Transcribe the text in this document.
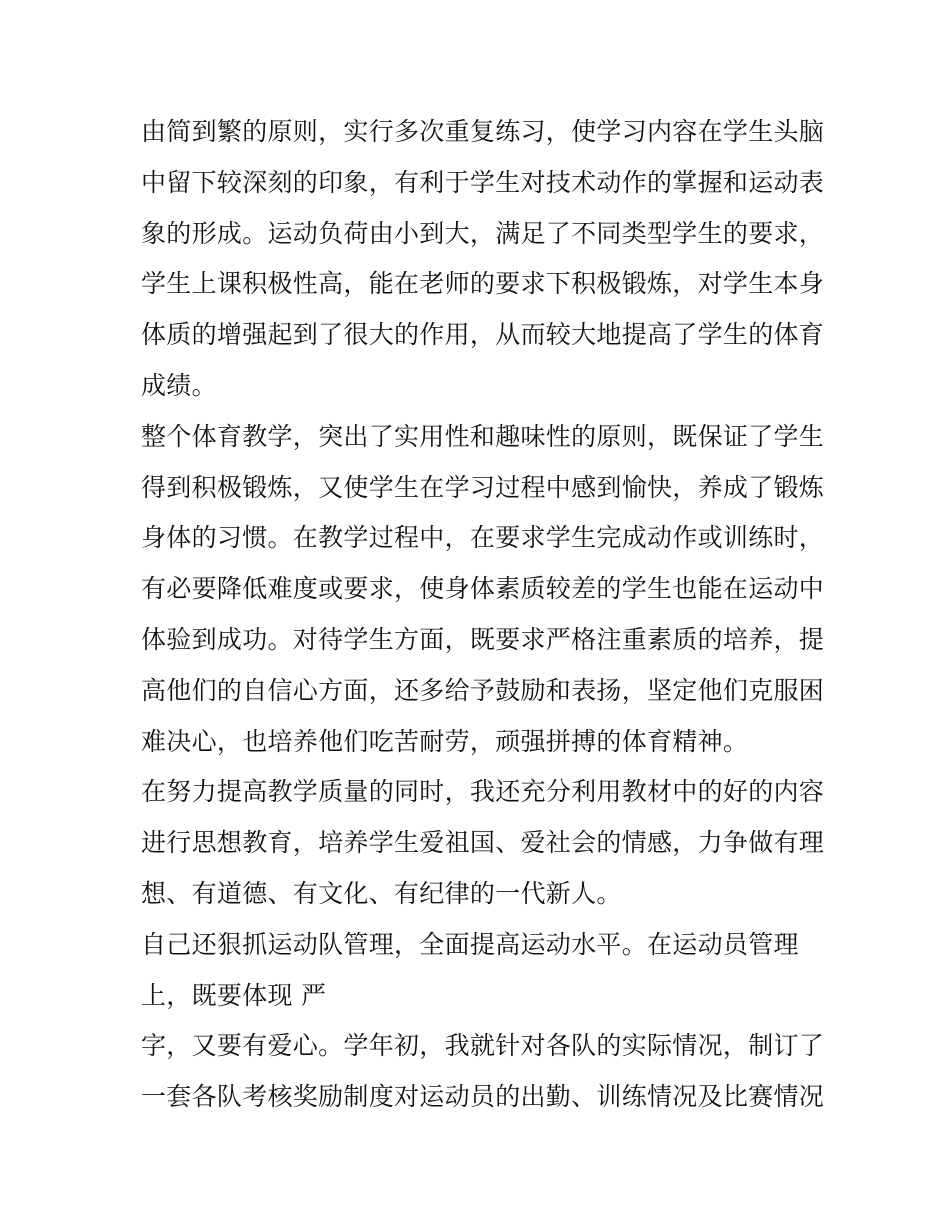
由简到繁的原则，实行多次重复练习，使学习内容在学生头脑
中留下较深刻的印象，有利于学生对技术动作的掌握和运动表
象的形成。运动负荷由小到大，满足了不同类型学生的要求，
学生上课积极性高，能在老师的要求下积极锻炼，对学生本身
体质的增强起到了很大的作用，从而较大地提高了学生的体育
成绩。
整个体育教学，突出了实用性和趣味性的原则，既保证了学生
得到积极锻炼，又使学生在学习过程中感到愉快，养成了锻炼
身体的习惯。在教学过程中，在要求学生完成动作或训练时，
有必要降低难度或要求，使身体素质较差的学生也能在运动中
体验到成功。对待学生方面，既要求严格注重素质的培养，提
高他们的自信心方面，还多给予鼓励和表扬，坚定他们克服困
难决心，也培养他们吃苦耐劳，顽强拼搏的体育精神。
在努力提高教学质量的同时，我还充分利用教材中的好的内容
进行思想教育，培养学生爱祖国、爱社会的情感，力争做有理
想、有道德、有文化、有纪律的一代新人。
自己还狠抓运动队管理，全面提高运动水平。在运动员管理
上，既要体现 严
字，又要有爱心。学年初，我就针对各队的实际情况，制订了
一套各队考核奖励制度对运动员的出勤、训练情况及比赛情况
